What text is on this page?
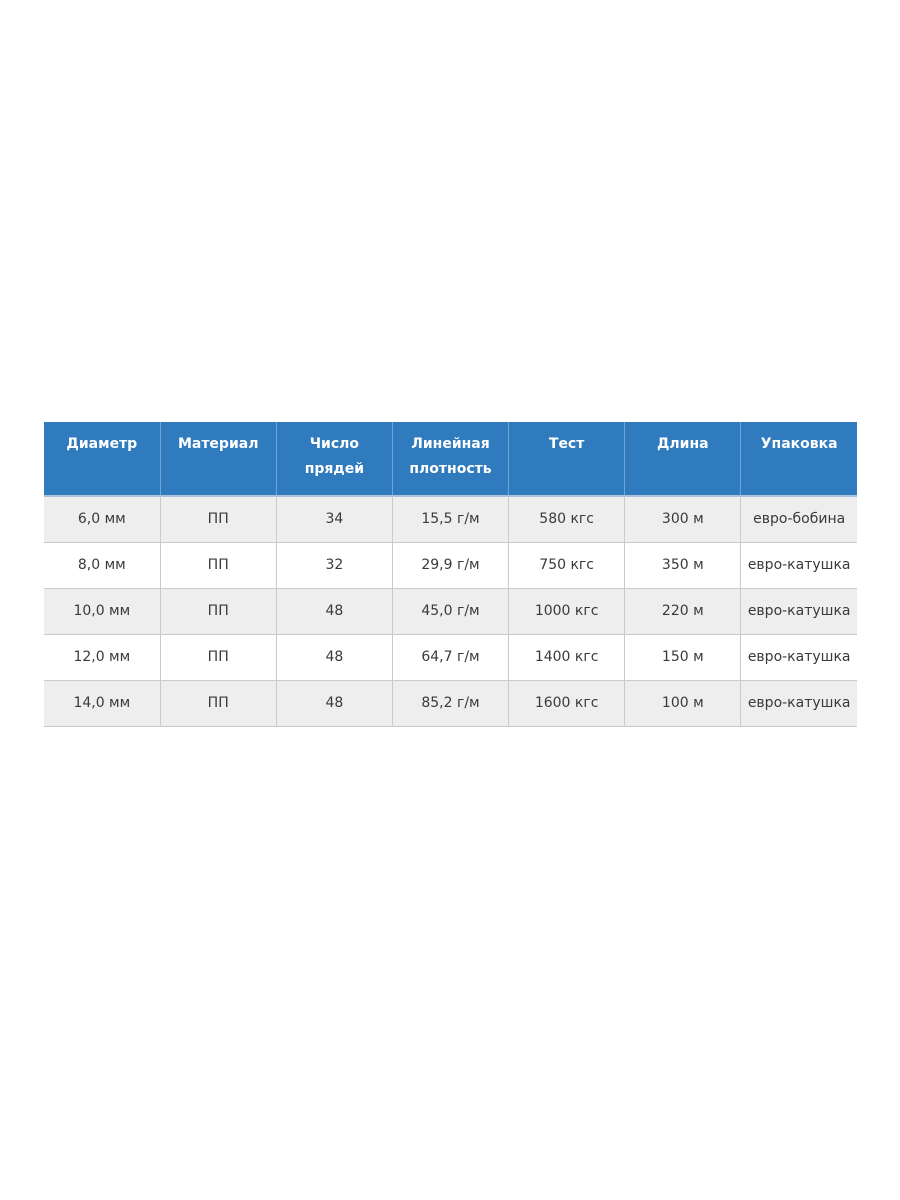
Диаметр	Материал	Число прядей	Линейная плотность	Тест	Длина	Упаковка
6,0 мм	ПП	34	15,5 г/м	580 кгс	300 м	евро-бобина
8,0 мм	ПП	32	29,9 г/м	750 кгс	350 м	евро-катушка
10,0 мм	ПП	48	45,0 г/м	1000 кгс	220 м	евро-катушка
12,0 мм	ПП	48	64,7 г/м	1400 кгс	150 м	евро-катушка
14,0 мм	ПП	48	85,2 г/м	1600 кгс	100 м	евро-катушка
